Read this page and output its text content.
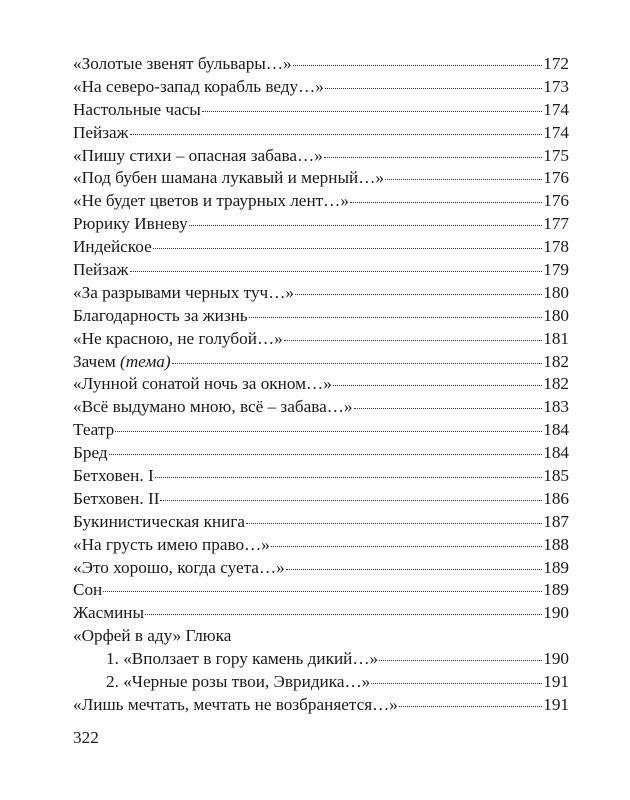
«Золотые звенят бульвары…»	172
«На северо-запад корабль веду…»	173
Настольные часы	174
Пейзаж	174
«Пишу стихи – опасная забава…»	175
«Под бубен шамана лукавый и мерный…»	176
«Не будет цветов и траурных лент…»	176
Рюрику Ивневу	177
Индейское	178
Пейзаж	179
«За разрывами черных туч…»	180
Благодарность за жизнь	180
«Не красною, не голубой…»	181
Зачем (тема)	182
«Лунной сонатой ночь за окном…»	182
«Всё выдумано мною, всё – забава…»	183
Театр	184
Бред	184
Бетховен. I	185
Бетховен. II	186
Букинистическая книга	187
«На грусть имею право…»	188
«Это хорошо, когда суета…»	189
Сон	189
Жасмины	190
«Орфей в аду» Глюка
1. «Вползает в гору камень дикий…»	190
2. «Черные розы твои, Эвридика…»	191
«Лишь мечтать, мечтать не возбраняется…»	191
322
